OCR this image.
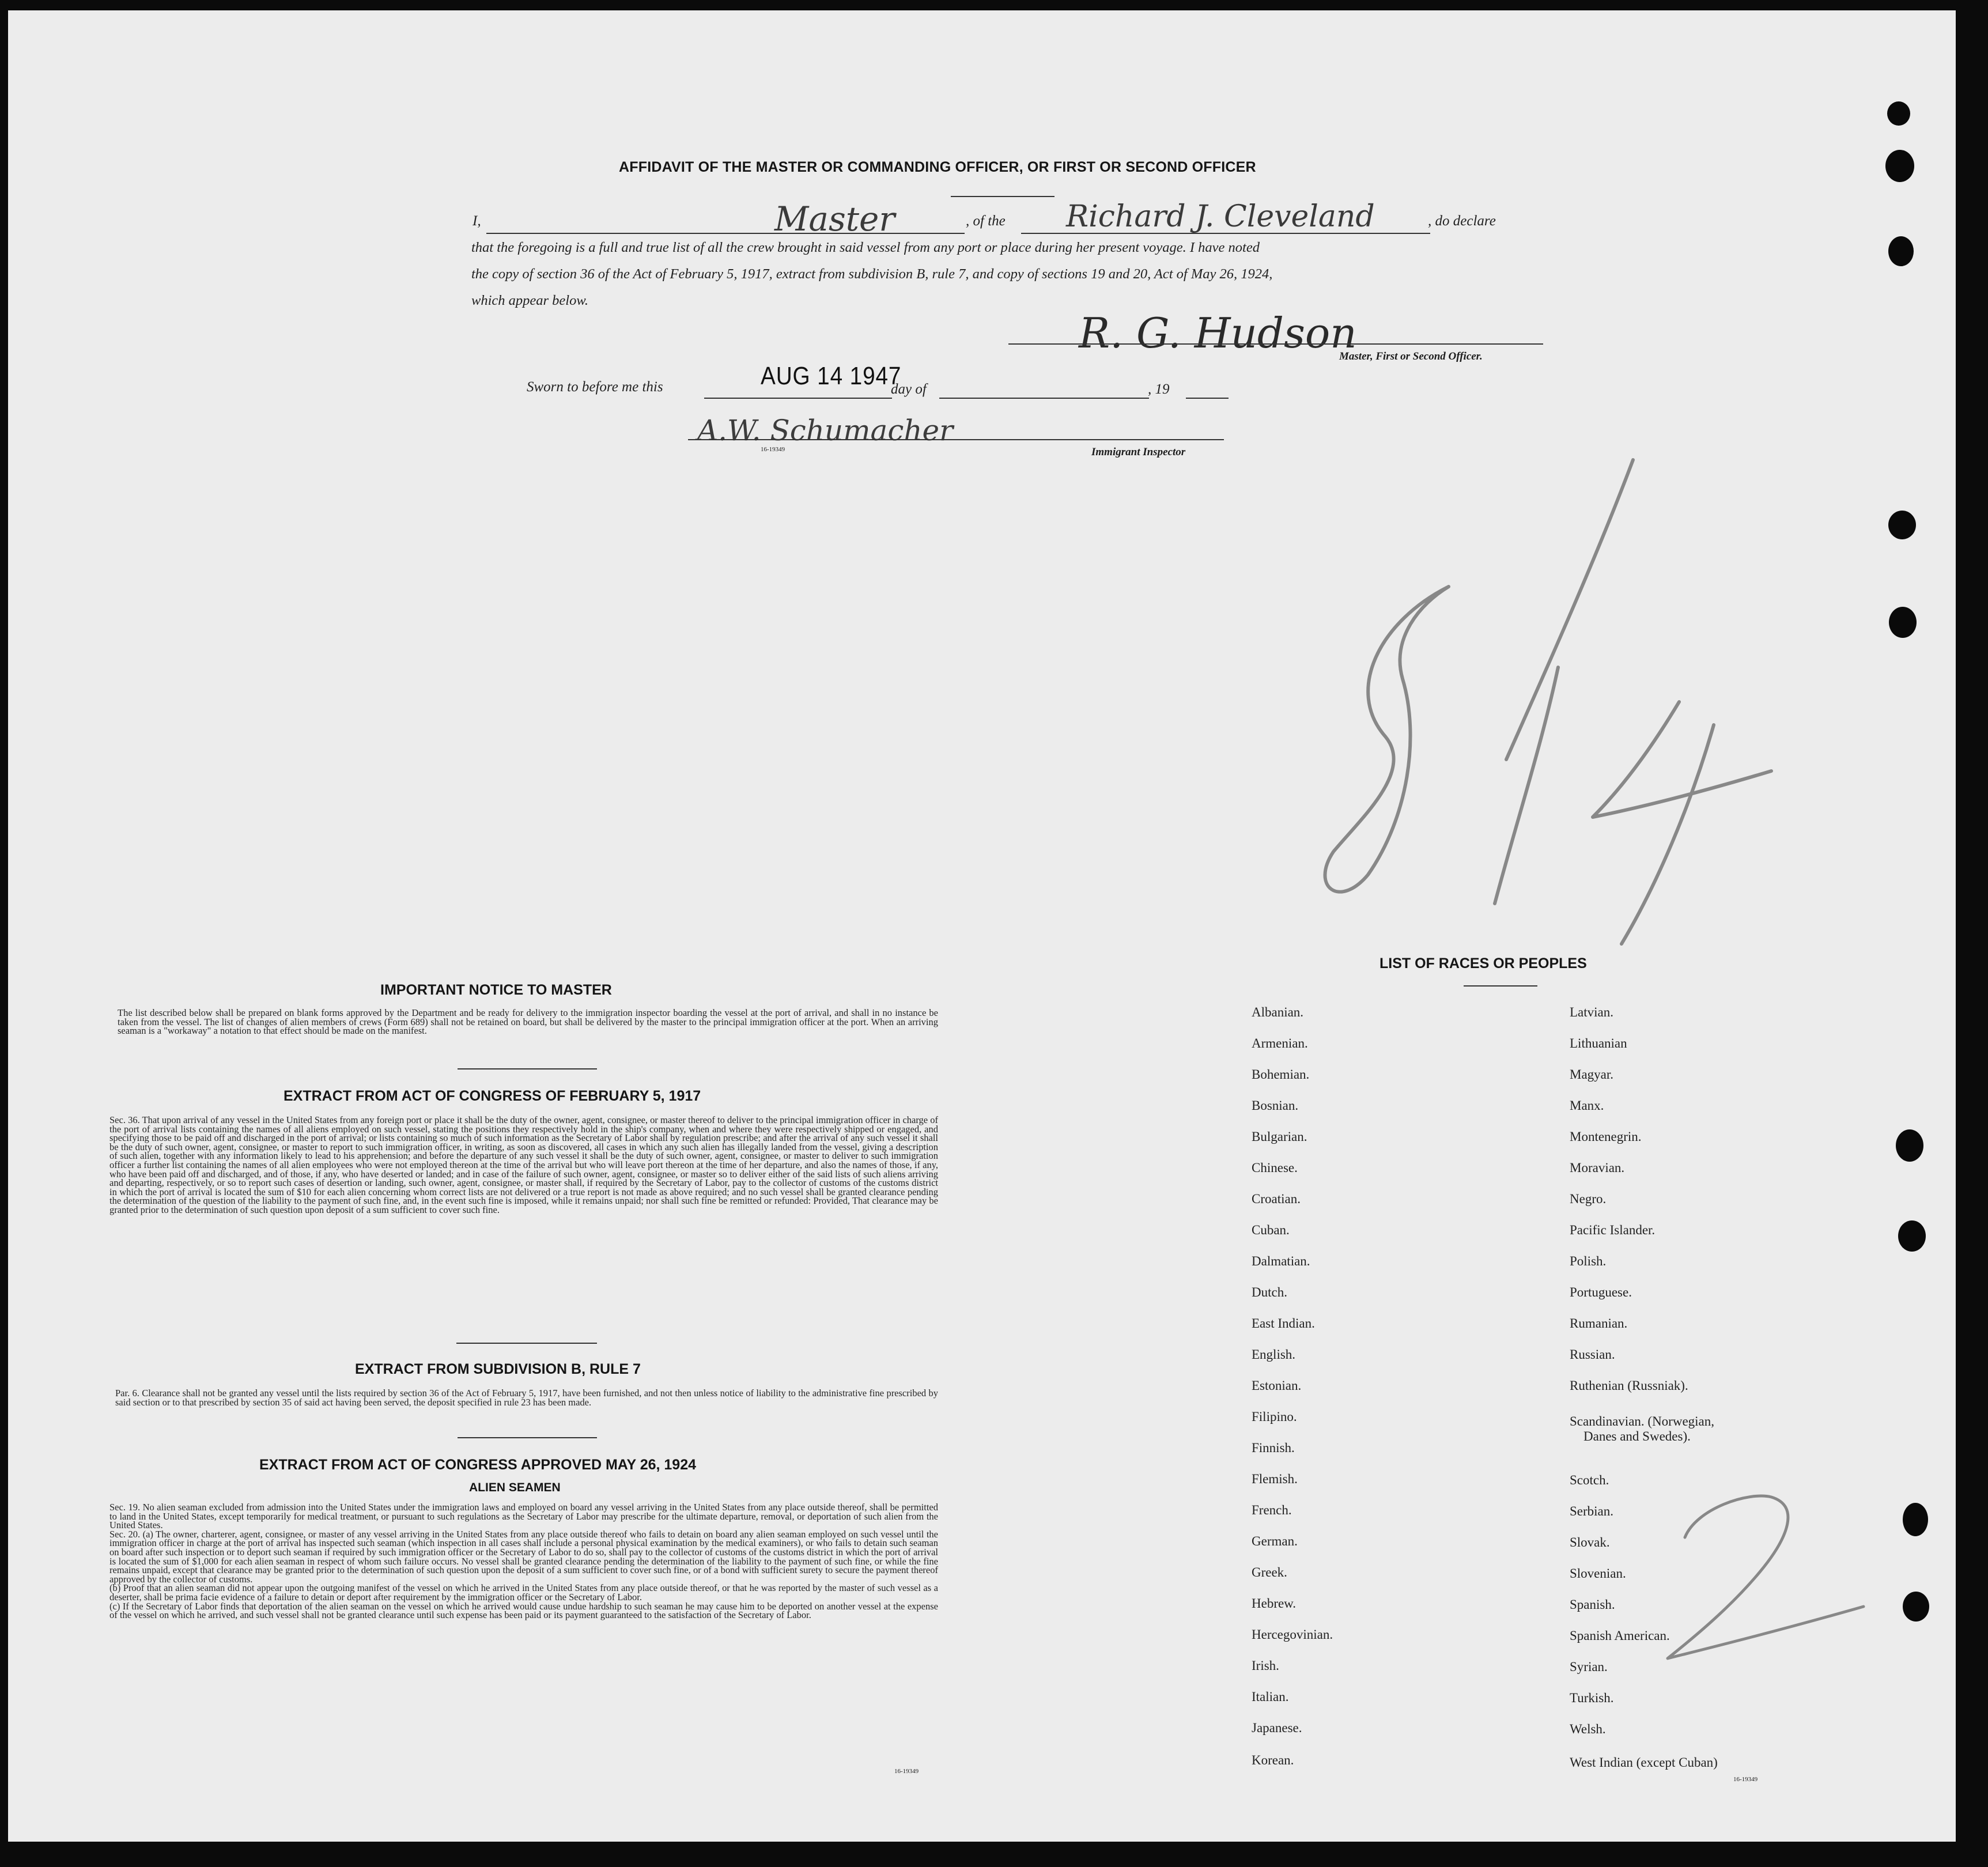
AFFIDAVIT OF THE MASTER OR COMMANDING OFFICER, OR FIRST OR SECOND OFFICER
I,	Master	, of the Richard J. Cleveland	, do declare
that the foregoing is a full and true list of all the crew brought in said vessel from any port or place during her present voyage. I have noted
the copy of section 36 of the Act of February 5, 1917, extract from subdivision B, rule 7, and copy of sections 19 and 20, Act of May 26, 1924,
which appear below.
R. G. Hudson
Master, First or Second Officer.
Sworn to before me this	AUG 14 1947
day of	, 19
A.W. Schumacher
16-19349	Immigrant Inspector
IMPORTANT NOTICE TO MASTER

The list described below shall be prepared on blank forms approved by the Department and be ready for delivery to the immigration inspector boarding the vessel at the port of arrival, and shall in no instance be taken from the vessel. The list of changes of alien members of crews (Form 689) shall not be retained on board, but shall be delivered by the master to the principal immigration officer at the port. When an arriving seaman is a "workaway" a notation to that effect should be made on the manifest.

EXTRACT FROM ACT OF CONGRESS OF FEBRUARY 5, 1917

Sec. 36. That upon arrival of any vessel in the United States from any foreign port or place it shall be the duty of the owner, agent, consignee, or master thereof to deliver to the principal immigration officer in charge of the port of arrival lists containing the names of all aliens employed on such vessel, stating the positions they respectively hold in the ship's company, when and where they were respectively shipped or engaged, and specifying those to be paid off and discharged in the port of arrival; or lists containing so much of such information as the Secretary of Labor shall by regulation prescribe; and after the arrival of any such vessel it shall be the duty of such owner, agent, consignee, or master to report to such immigration officer, in writing, as soon as discovered, all cases in which any such alien has illegally landed from the vessel, giving a description of such alien, together with any information likely to lead to his apprehension; and before the departure of any such vessel it shall be the duty of such owner, agent, consignee, or master to deliver to such immigration officer a further list containing the names of all alien employees who were not employed thereon at the time of the arrival but who will leave port thereon at the time of her departure, and also the names of those, if any, who have been paid off and discharged, and of those, if any, who have deserted or landed; and in case of the failure of such owner, agent, consignee, or master so to deliver either of the said lists of such aliens arriving and departing, respectively, or so to report such cases of desertion or landing, such owner, agent, consignee, or master shall, if required by the Secretary of Labor, pay to the collector of customs of the customs district in which the port of arrival is located the sum of $10 for each alien concerning whom correct lists are not delivered or a true report is not made as above required; and no such vessel shall be granted clearance pending the determination of the question of the liability to the payment of such fine, and, in the event such fine is imposed, while it remains unpaid; nor shall such fine be remitted or refunded: Provided, That clearance may be granted prior to the determination of such question upon deposit of a sum sufficient to cover such fine.

EXTRACT FROM SUBDIVISION B, RULE 7

Par. 6. Clearance shall not be granted any vessel until the lists required by section 36 of the Act of February 5, 1917, have been furnished, and not then unless notice of liability to the administrative fine prescribed by said section or to that prescribed by section 35 of said act having been served, the deposit specified in rule 23 has been made.

EXTRACT FROM ACT OF CONGRESS APPROVED MAY 26, 1924
ALIEN SEAMEN

Sec. 19. No alien seaman excluded from admission into the United States under the immigration laws and employed on board any vessel arriving in the United States from any place outside thereof, shall be permitted to land in the United States, except temporarily for medical treatment, or pursuant to such regulations as the Secretary of Labor may prescribe for the ultimate departure, removal, or deportation of such alien from the United States.

Sec. 20. (a) The owner, charterer, agent, consignee, or master of any vessel arriving in the United States from any place outside thereof who fails to detain on board any alien seaman employed on such vessel until the immigration officer in charge at the port of arrival has inspected such seaman (which inspection in all cases shall include a personal physical examination by the medical examiners), or who fails to detain such seaman on board after such inspection or to deport such seaman if required by such immigration officer or the Secretary of Labor to do so, shall pay to the collector of customs of the customs district in which the port of arrival is located the sum of $1,000 for each alien seaman in respect of whom such failure occurs. No vessel shall be granted clearance pending the determination of the liability to the payment of such fine, or while the fine remains unpaid, except that clearance may be granted prior to the determination of such question upon the deposit of a sum sufficient to cover such fine, or of a bond with sufficient surety to secure the payment thereof approved by the collector of customs.

(b) Proof that an alien seaman did not appear upon the outgoing manifest of the vessel on which he arrived in the United States from any place outside thereof, or that he was reported by the master of such vessel as a deserter, shall be prima facie evidence of a failure to detain or deport after requirement by the immigration officer or the Secretary of Labor.

(c) If the Secretary of Labor finds that deportation of the alien seaman on the vessel on which he arrived would cause undue hardship to such seaman he may cause him to be deported on another vessel at the expense of the vessel on which he arrived, and such vessel shall not be granted clearance until such expense has been paid or its payment guaranteed to the satisfaction of the Secretary of Labor.

16-19349
LIST OF RACES OR PEOPLES
Albanian.
Armenian.
Bohemian.
Bosnian.
Bulgarian.
Chinese.
Croatian.
Cuban.
Dalmatian.
Dutch.
East Indian.
English.
Estonian.
Filipino.
Finnish.
Flemish.
French.
German.
Greek.
Hebrew.
Hercegovinian.
Irish.
Italian.
Japanese.
Korean.
Latvian.
Lithuanian
Magyar.
Manx.
Montenegrin.
Moravian.
Negro.
Pacific Islander.
Polish.
Portuguese.
Rumanian.
Russian.
Ruthenian (Russniak).
Scandinavian. (Norwegian,
Danes and Swedes).
Scotch.
Serbian.
Slovak.
Slovenian.
Spanish.
Spanish American.
Syrian.
Turkish.
Welsh.
West Indian (except Cuban)
16-19349
